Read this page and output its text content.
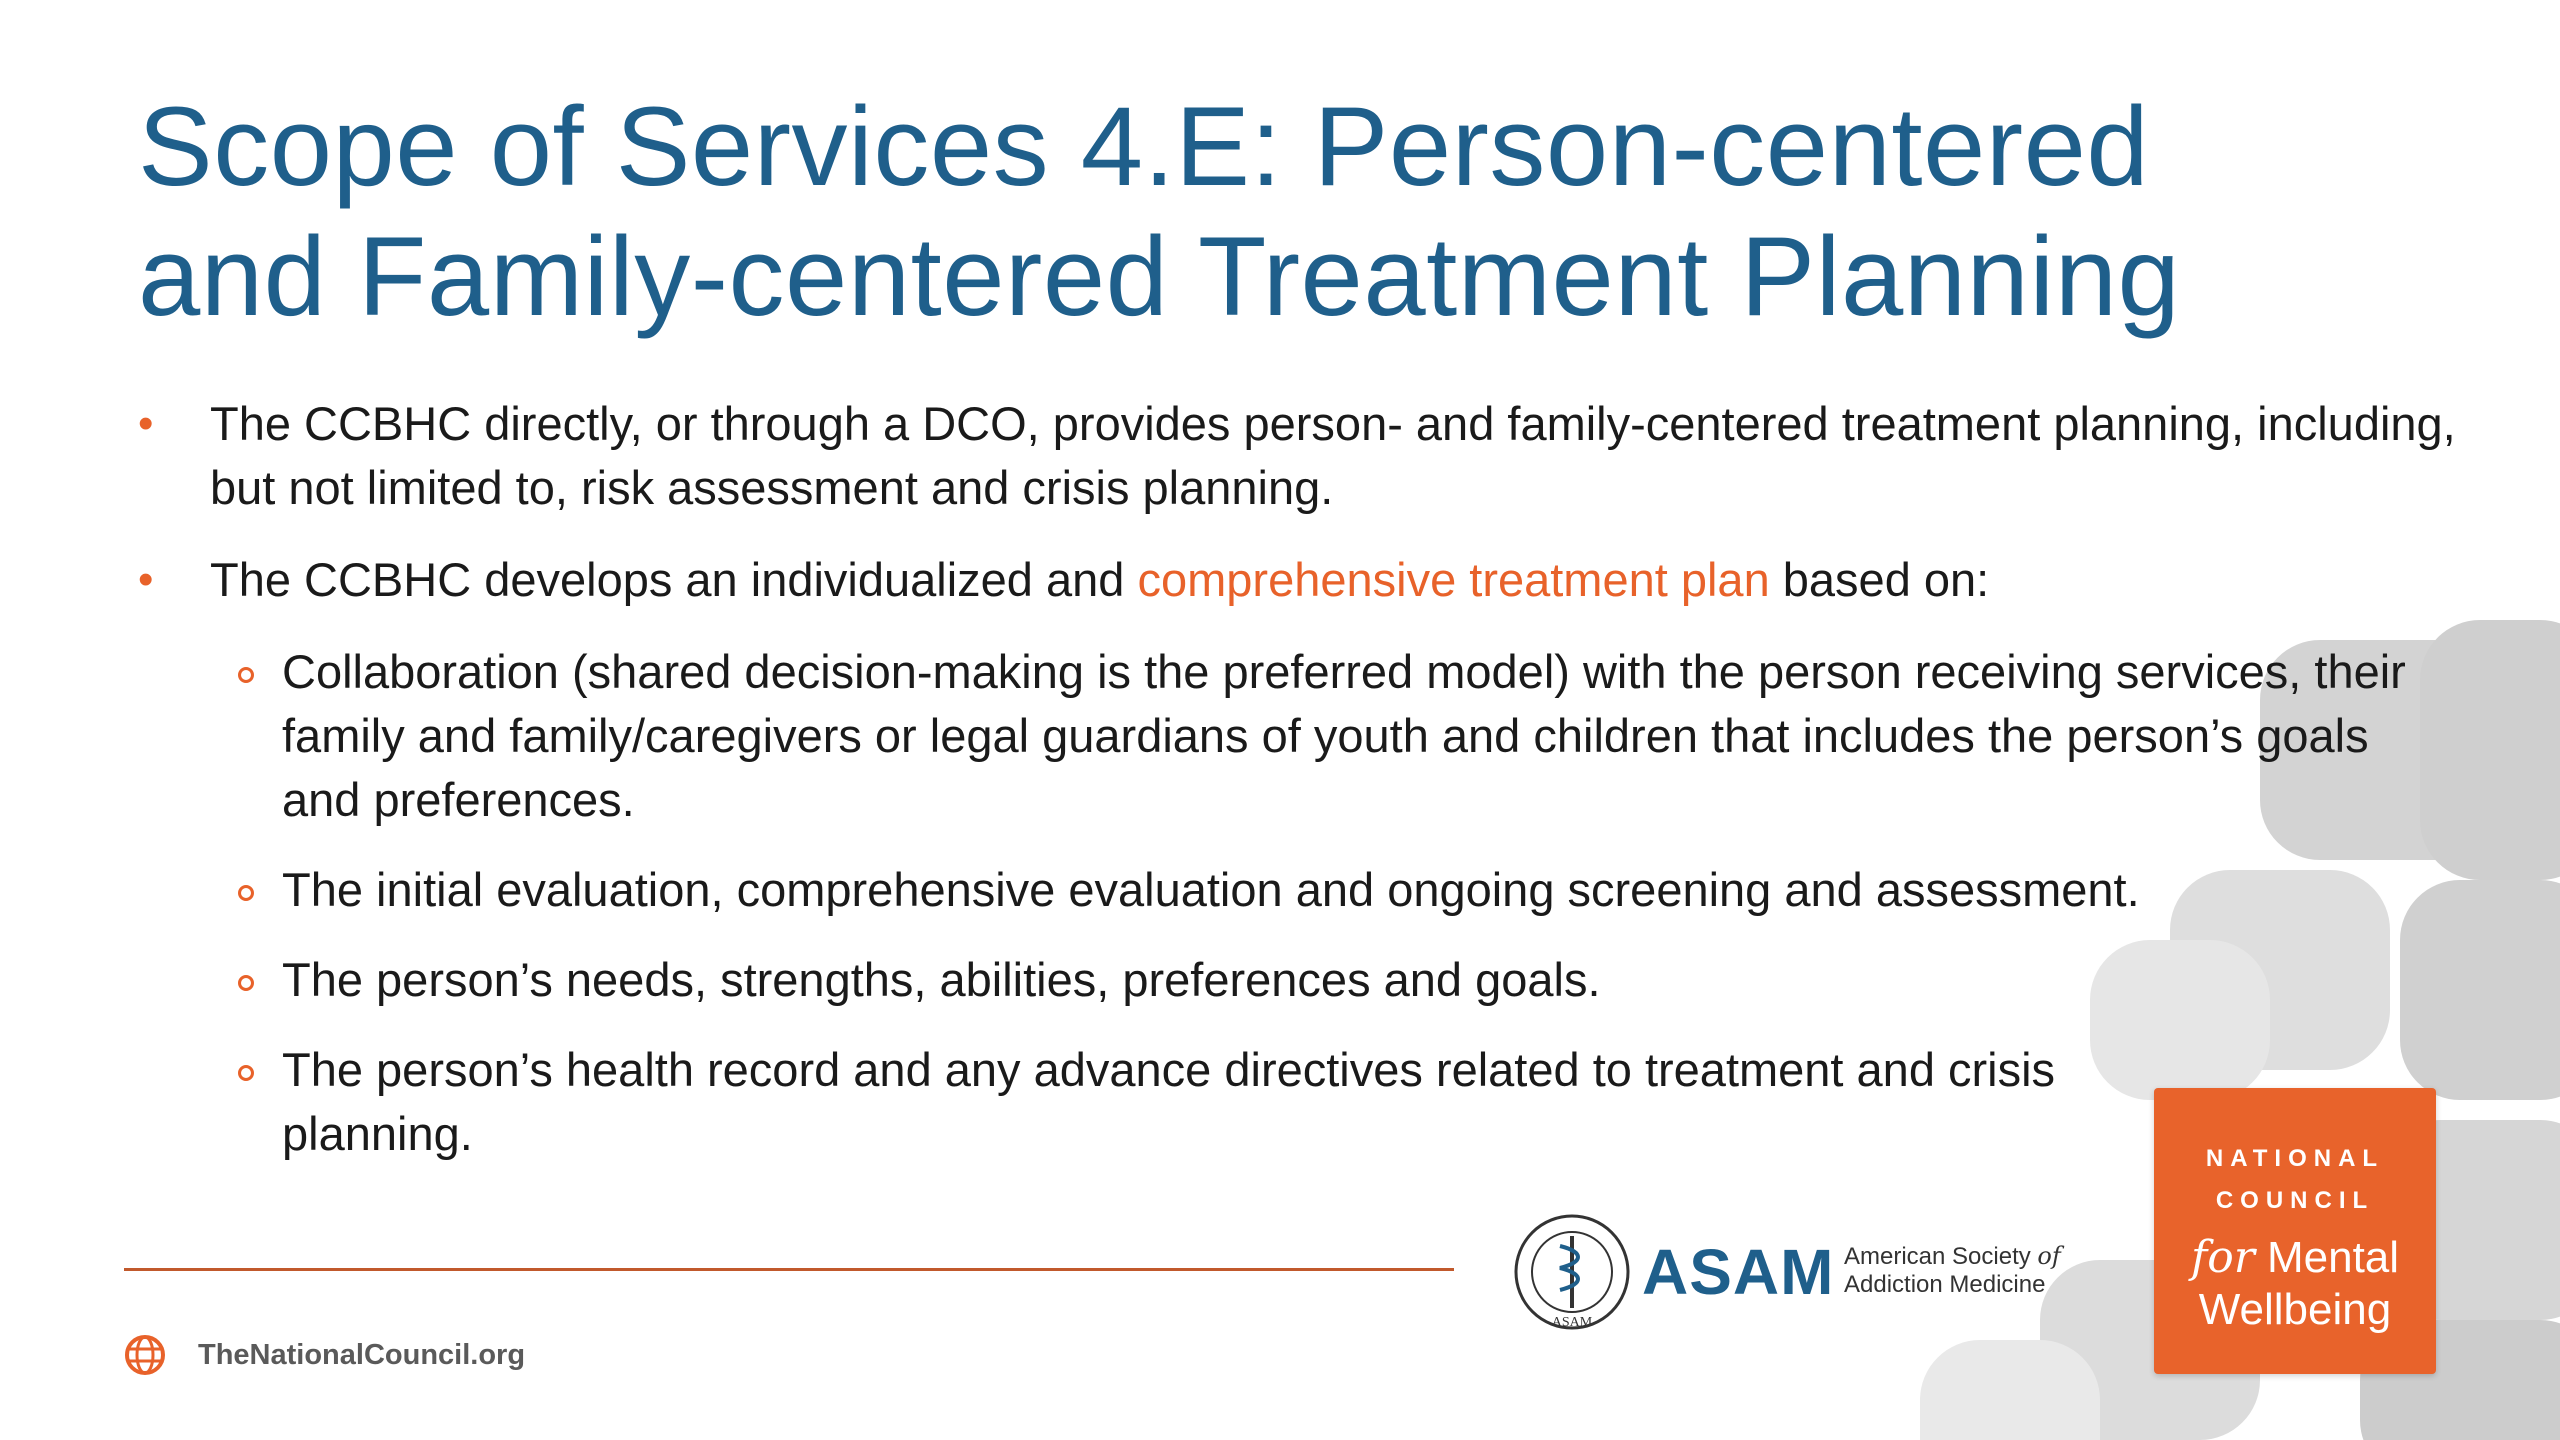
Scope of Services 4.E: Person-centered
and Family-centered Treatment Planning
• The CCBHC directly, or through a DCO, provides person- and family-centered treatment planning, including, but not limited to, risk assessment and crisis planning.
• The CCBHC develops an individualized and comprehensive treatment plan based on:
Collaboration (shared decision-making is the preferred model) with the person receiving services, their family and family/caregivers or legal guardians of youth and children that includes the person’s goals and preferences.
The initial evaluation, comprehensive evaluation and ongoing screening and assessment.
The person’s needs, strengths, abilities, preferences and goals.
The person’s health record and any advance directives related to treatment and crisis planning.
TheNationalCouncil.org
ASAM
ASAM American Society of
Addiction Medicine
NATIONAL
COUNCIL
for Mental
Wellbeing
